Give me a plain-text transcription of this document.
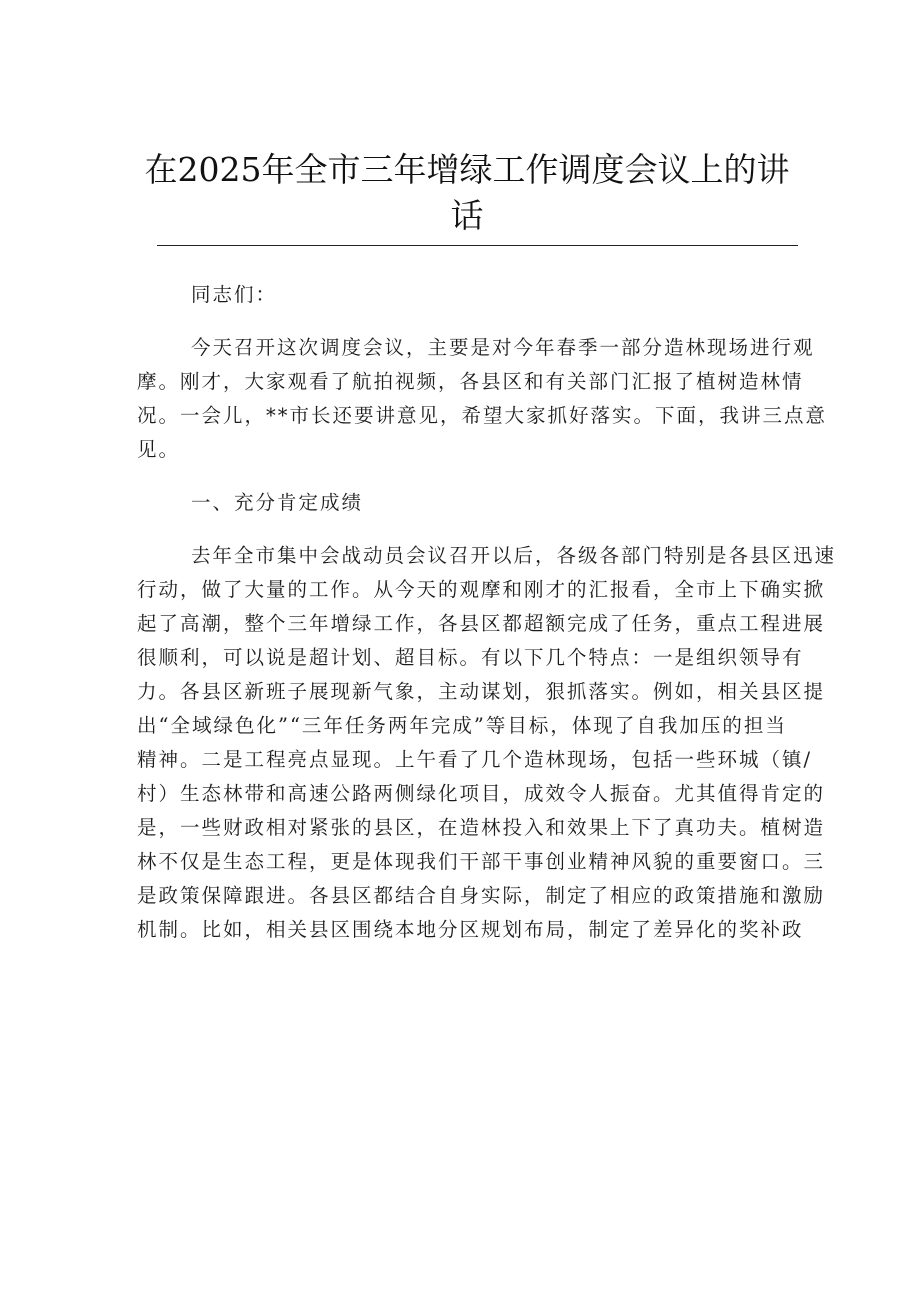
在2025年全市三年增绿工作调度会议上的讲
话

同志们：

今天召开这次调度会议，主要是对今年春季一部分造林现场进行观

摩。刚才，大家观看了航拍视频，各县区和有关部门汇报了植树造林情

况。一会儿，**市长还要讲意见，希望大家抓好落实。下面，我讲三点意

见。

一、充分肯定成绩

去年全市集中会战动员会议召开以后，各级各部门特别是各县区迅速

行动，做了大量的工作。从今天的观摩和刚才的汇报看，全市上下确实掀

起了高潮，整个三年增绿工作，各县区都超额完成了任务，重点工程进展

很顺利，可以说是超计划、超目标。有以下几个特点：一是组织领导有

力。各县区新班子展现新气象，主动谋划，狠抓落实。例如，相关县区提

出“全域绿色化”“三年任务两年完成”等目标，体现了自我加压的担当

精神。二是工程亮点显现。上午看了几个造林现场，包括一些环城（镇/

村）生态林带和高速公路两侧绿化项目，成效令人振奋。尤其值得肯定的

是，一些财政相对紧张的县区，在造林投入和效果上下了真功夫。植树造

林不仅是生态工程，更是体现我们干部干事创业精神风貌的重要窗口。三

是政策保障跟进。各县区都结合自身实际，制定了相应的政策措施和激励

机制。比如，相关县区围绕本地分区规划布局，制定了差异化的奖补政
